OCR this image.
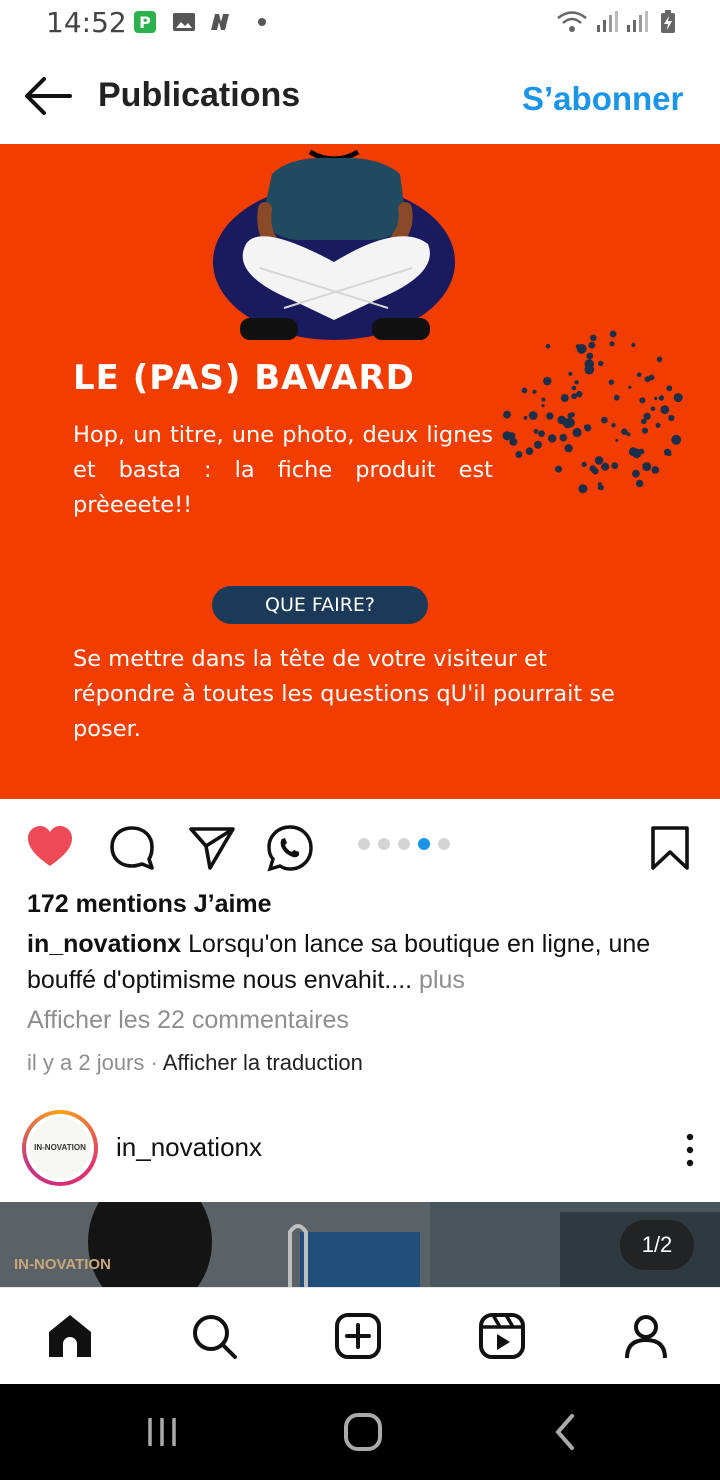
14:52 P
Publications	S’abonner
LE (PAS) BAVARD
Hop, un titre, une photo, deux lignes et basta : la fiche produit est prèeeete!!
QUE FAIRE?
Se mettre dans la tête de votre visiteur et répondre à toutes les questions qU'il pourrait se poser.
172 mentions J’aime
in_novationx Lorsqu'on lance sa boutique en ligne, une bouffé d'optimisme nous envahit.... plus
Afficher les 22 commentaires
il y a 2 jours · Afficher la traduction
IN-NOVATION in_novationx
IN-NOVATION
1/2
